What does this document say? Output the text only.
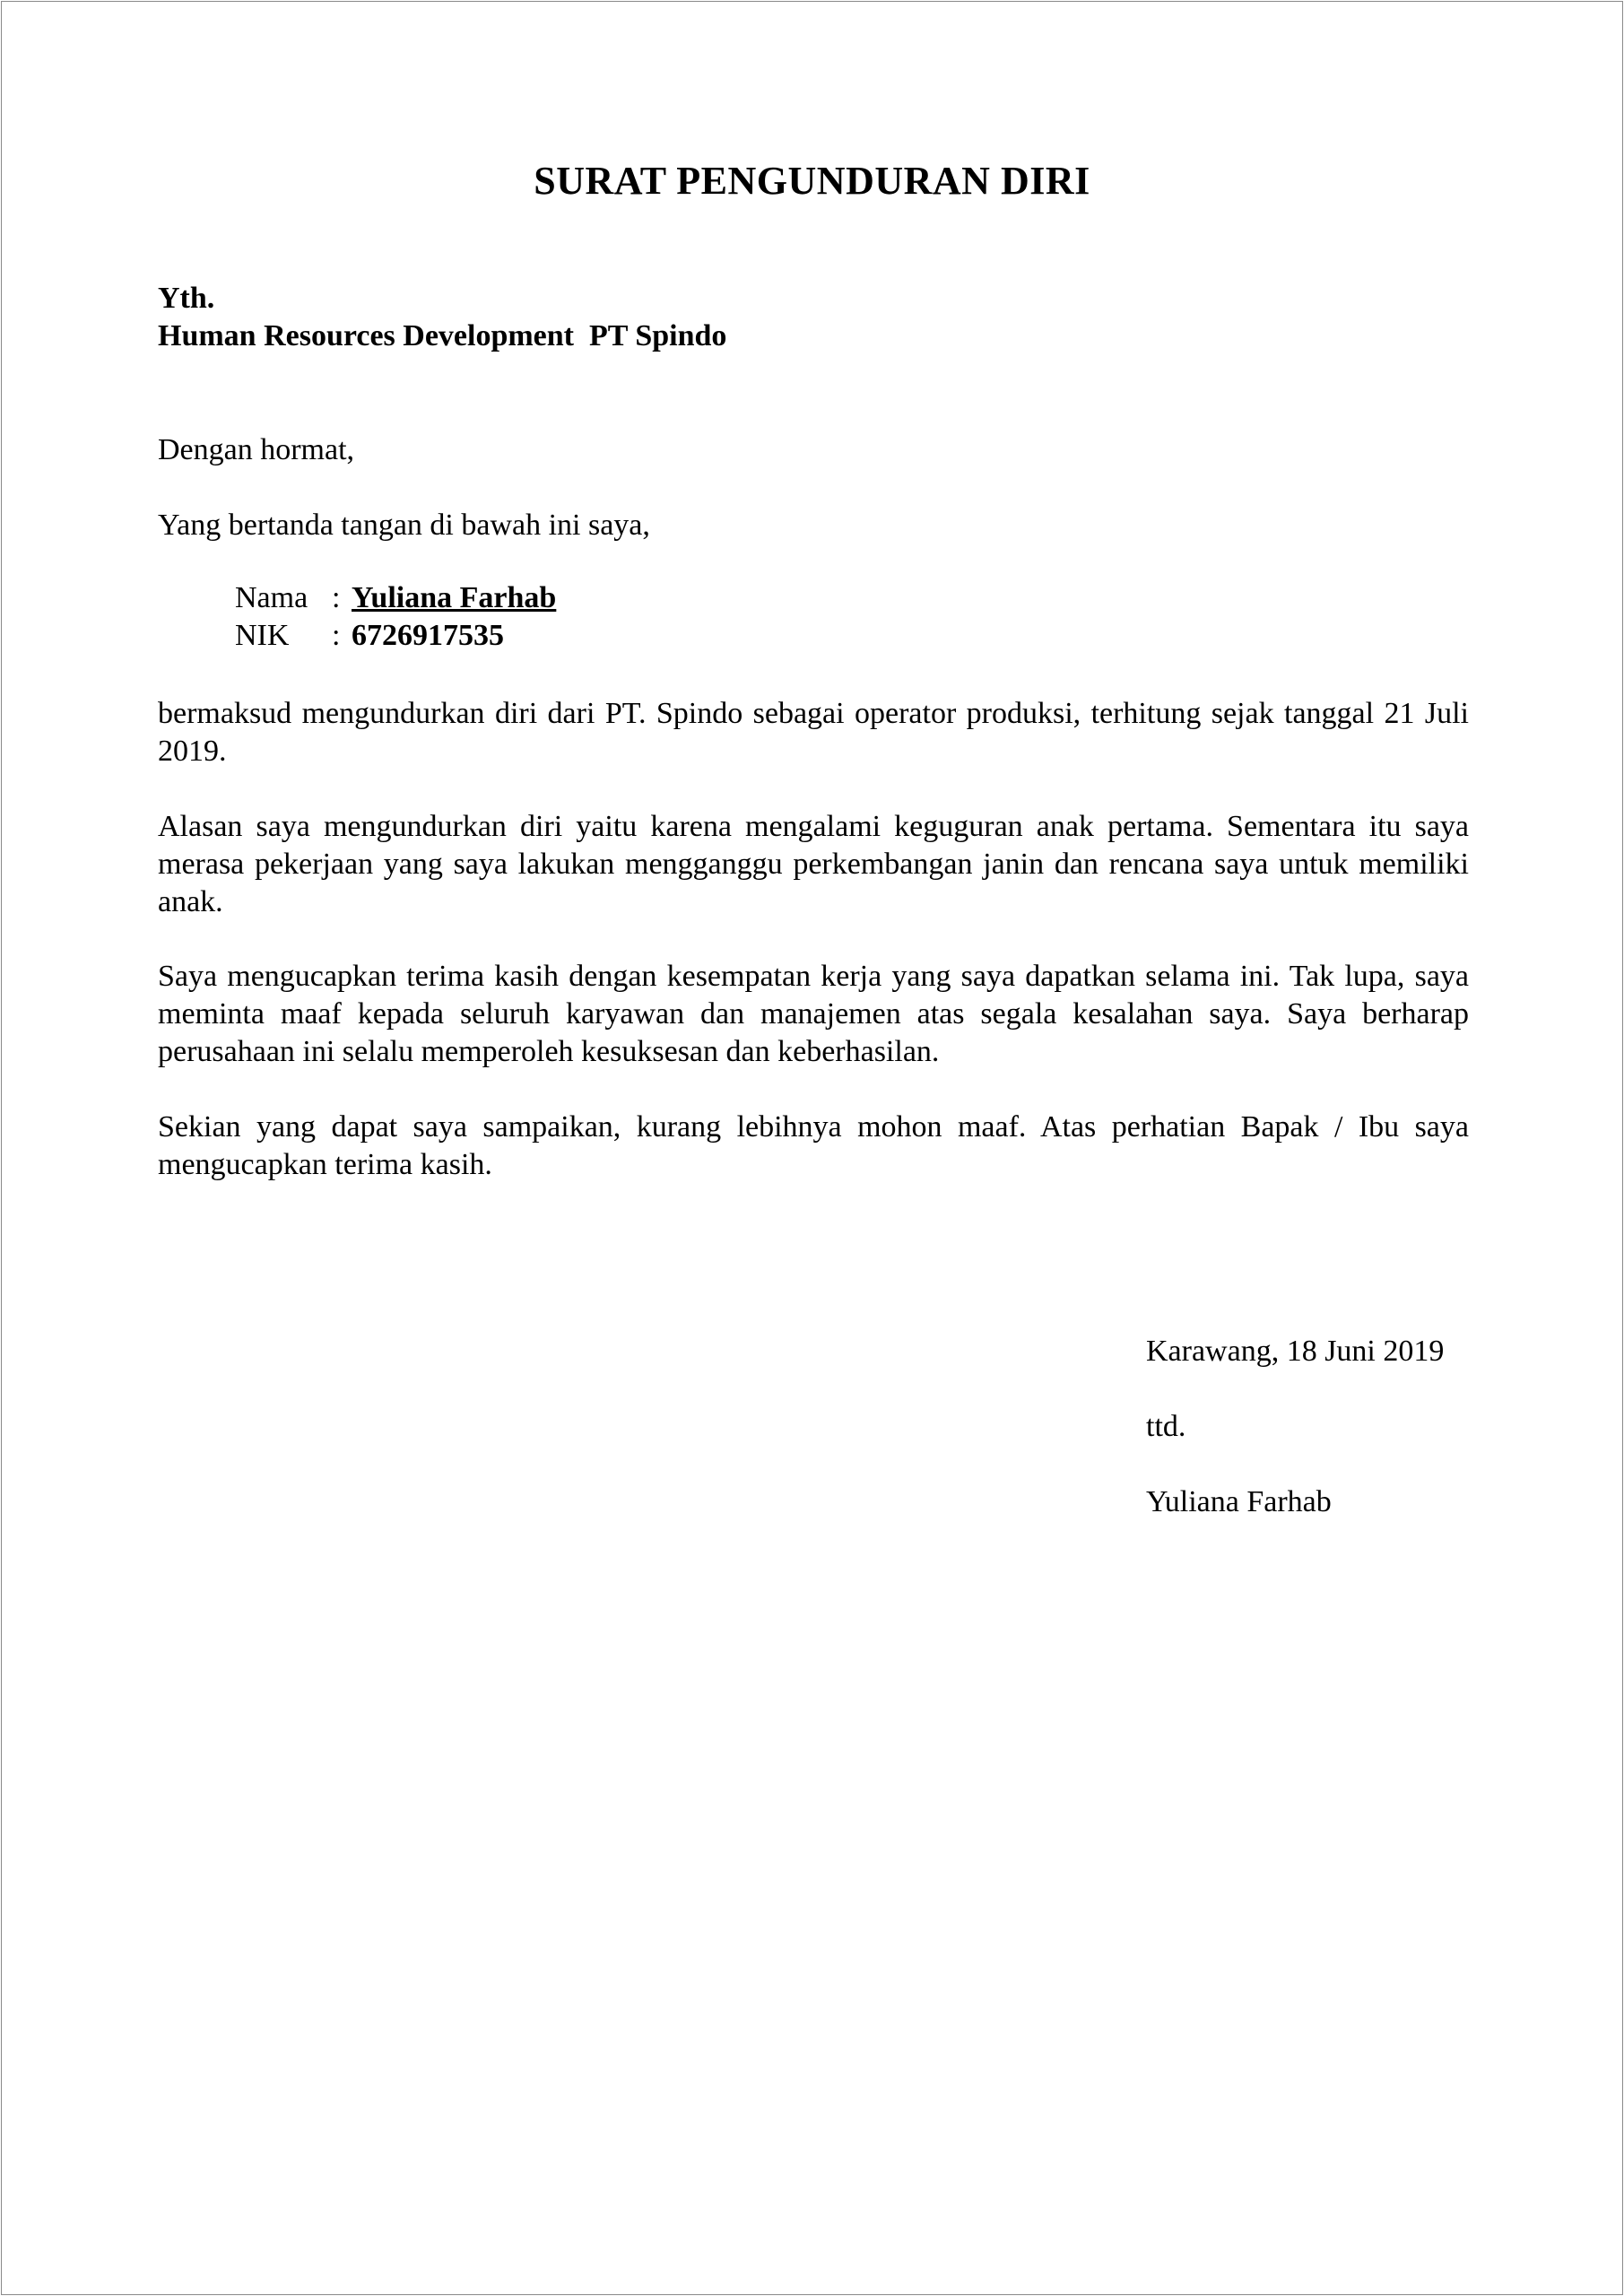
SURAT PENGUNDURAN DIRI
Yth.
Human Resources Development  PT Spindo
Dengan hormat,
Yang bertanda tangan di bawah ini saya,
Nama : Yuliana Farhab
NIK	: 6726917535
bermaksud mengundurkan diri dari PT. Spindo sebagai operator produksi, terhitung sejak tanggal 21 Juli 2019.
Alasan saya mengundurkan diri yaitu karena mengalami keguguran anak pertama. Sementara itu saya merasa pekerjaan yang saya lakukan mengganggu perkembangan janin dan rencana saya untuk memiliki anak.
Saya mengucapkan terima kasih dengan kesempatan kerja yang saya dapatkan selama ini. Tak lupa, saya meminta maaf kepada seluruh karyawan dan manajemen atas segala kesalahan saya. Saya berharap perusahaan ini selalu memperoleh kesuksesan dan keberhasilan.
Sekian yang dapat saya sampaikan, kurang lebihnya mohon maaf. Atas perhatian Bapak / Ibu saya mengucapkan terima kasih.
Karawang, 18 Juni 2019
ttd.
Yuliana Farhab
